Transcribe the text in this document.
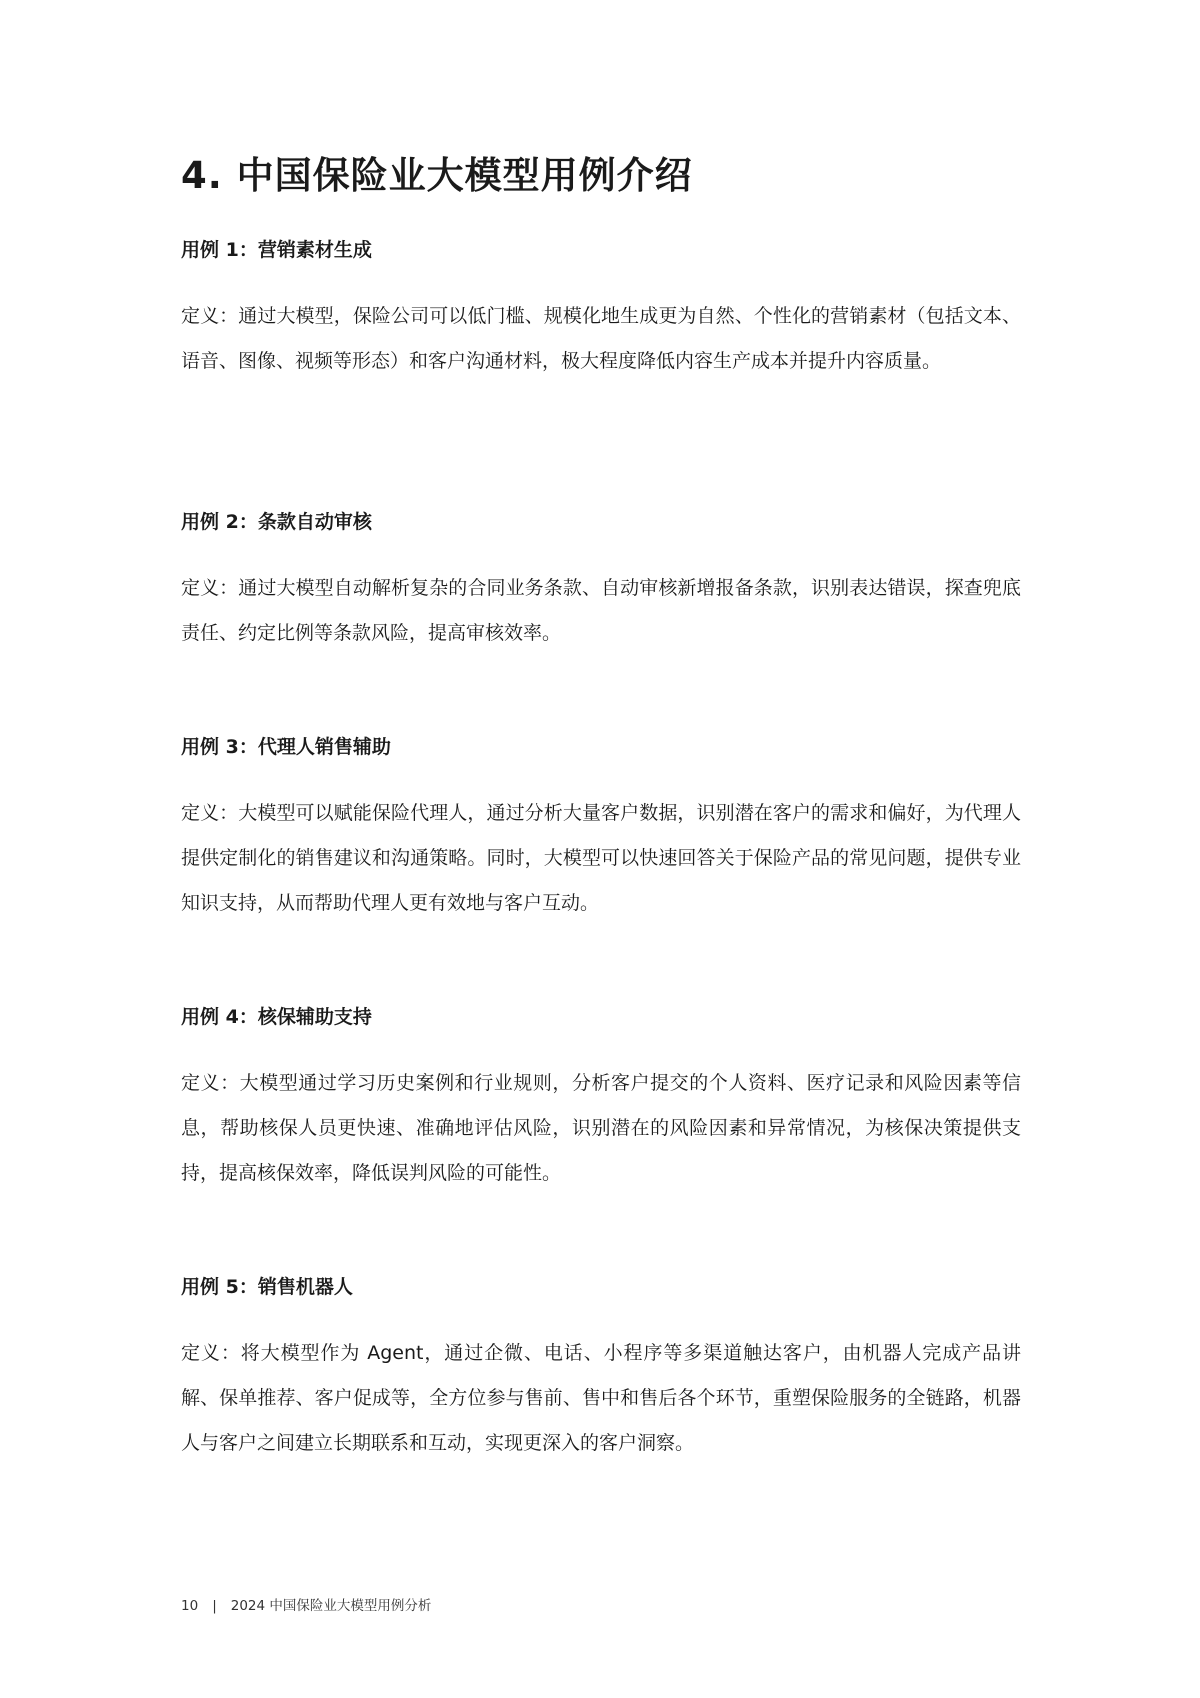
4. 中国保险业大模型用例介绍
用例 1：营销素材生成

定义：通过大模型，保险公司可以低门槛、规模化地生成更为自然、个性化的营销素材（包括文本、语音、图像、视频等形态）和客户沟通材料，极大程度降低内容生产成本并提升内容质量。

用例 2：条款自动审核

定义：通过大模型自动解析复杂的合同业务条款、自动审核新增报备条款，识别表达错误，探查兜底责任、约定比例等条款风险，提高审核效率。

用例 3：代理人销售辅助

定义：大模型可以赋能保险代理人，通过分析大量客户数据，识别潜在客户的需求和偏好，为代理人提供定制化的销售建议和沟通策略。同时，大模型可以快速回答关于保险产品的常见问题，提供专业知识支持，从而帮助代理人更有效地与客户互动。

用例 4：核保辅助支持

定义：大模型通过学习历史案例和行业规则，分析客户提交的个人资料、医疗记录和风险因素等信息，帮助核保人员更快速、准确地评估风险，识别潜在的风险因素和异常情况，为核保决策提供支持，提高核保效率，降低误判风险的可能性。

用例 5：销售机器人

定义：将大模型作为 Agent，通过企微、电话、小程序等多渠道触达客户，由机器人完成产品讲解、保单推荐、客户促成等，全方位参与售前、售中和售后各个环节，重塑保险服务的全链路，机器人与客户之间建立长期联系和互动，实现更深入的客户洞察。

10 | 2024 中国保险业大模型用例分析
